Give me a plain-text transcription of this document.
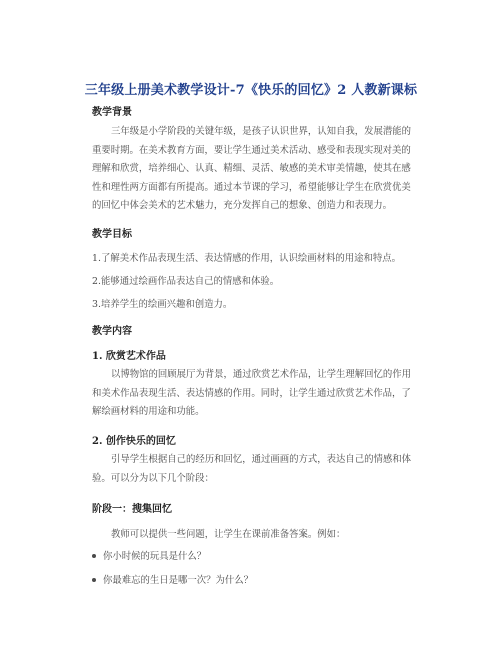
三年级上册美术教学设计-7《快乐的回忆》2 人教新课标
教学背景
三年级是小学阶段的关键年级，是孩子认识世界，认知自我，发展潜能的重要时期。在美术教育方面，要让学生通过美术活动、感受和表现实现对美的理解和欣赏，培养细心、认真、精细、灵活、敏感的美术审美情趣，使其在感性和理性两方面都有所提高。通过本节课的学习，希望能够让学生在欣赏优美的回忆中体会美术的艺术魅力，充分发挥自己的想象、创造力和表现力。
教学目标
1.了解美术作品表现生活、表达情感的作用，认识绘画材料的用途和特点。
2.能够通过绘画作品表达自己的情感和体验。
3.培养学生的绘画兴趣和创造力。
教学内容
1. 欣赏艺术作品
以博物馆的回顾展厅为背景，通过欣赏艺术作品，让学生理解回忆的作用和美术作品表现生活、表达情感的作用。同时，让学生通过欣赏艺术作品，了解绘画材料的用途和功能。
2. 创作快乐的回忆
引导学生根据自己的经历和回忆，通过画画的方式，表达自己的情感和体验。可以分为以下几个阶段：
阶段一：搜集回忆
教师可以提供一些问题，让学生在课前准备答案。例如：
你小时候的玩具是什么？
你最难忘的生日是哪一次？为什么？
